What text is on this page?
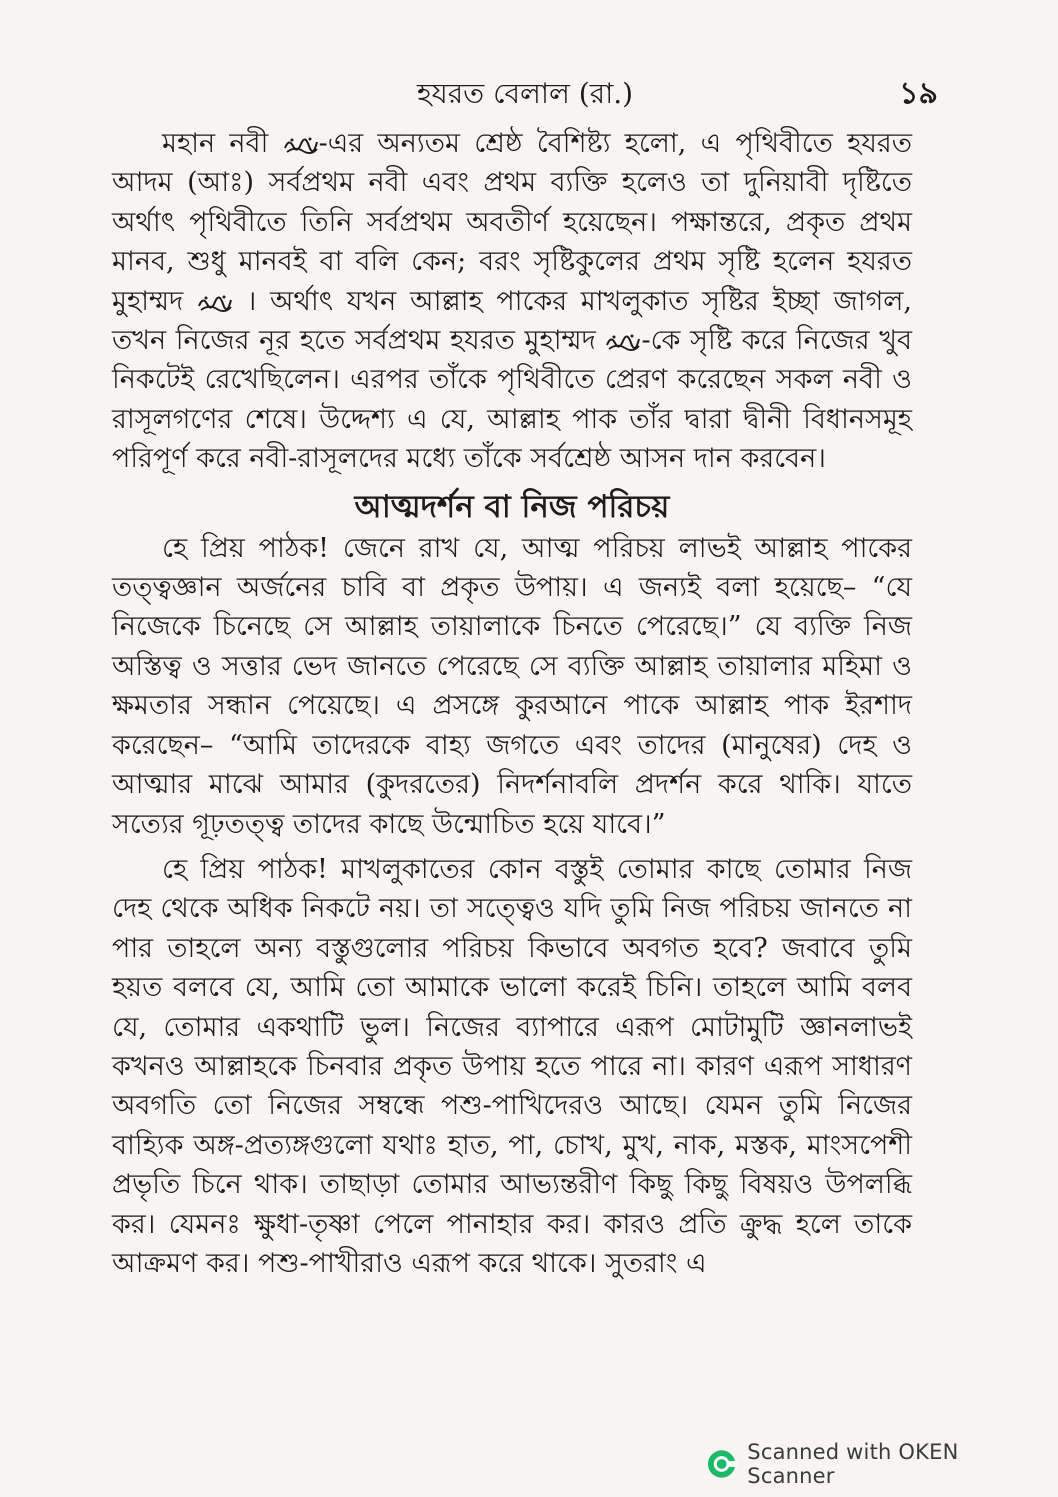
হযরত বেলাল (রা.)	১৯

মহান নবী -এর অন্যতম শ্রেষ্ঠ বৈশিষ্ট্য হলো, এ পৃথিবীতে হযরত আদম (আঃ) সর্বপ্রথম নবী এবং প্রথম ব্যক্তি হলেও তা দুনিয়াবী দৃষ্টিতে অর্থাৎ পৃথিবীতে তিনি সর্বপ্রথম অবতীর্ণ হয়েছেন। পক্ষান্তরে, প্রকৃত প্রথম মানব, শুধু মানবই বা বলি কেন; বরং সৃষ্টিকুলের প্রথম সৃষ্টি হলেন হযরত মুহাম্মদ । অর্থাৎ যখন আল্লাহ পাকের মাখলুকাত সৃষ্টির ইচ্ছা জাগল, তখন নিজের নূর হতে সর্বপ্রথম হযরত মুহাম্মদ -কে সৃষ্টি করে নিজের খুব নিকটেই রেখেছিলেন। এরপর তাঁকে পৃথিবীতে প্রেরণ করেছেন সকল নবী ও রাসূলগণের শেষে। উদ্দেশ্য এ যে, আল্লাহ পাক তাঁর দ্বারা দ্বীনী বিধানসমূহ পরিপূর্ণ করে নবী-রাসূলদের মধ্যে তাঁকে সর্বশ্রেষ্ঠ আসন দান করবেন।

আত্মদর্শন বা নিজ পরিচয়

হে প্রিয় পাঠক! জেনে রাখ যে, আত্ম পরিচয় লাভই আল্লাহ পাকের তত্ত্বজ্ঞান অর্জনের চাবি বা প্রকৃত উপায়। এ জন্যই বলা হয়েছে– “যে নিজেকে চিনেছে সে আল্লাহ তায়ালাকে চিনতে পেরেছে।” যে ব্যক্তি নিজ অস্তিত্ব ও সত্তার ভেদ জানতে পেরেছে সে ব্যক্তি আল্লাহ তায়ালার মহিমা ও ক্ষমতার সন্ধান পেয়েছে। এ প্রসঙ্গে কুরআনে পাকে আল্লাহ পাক ইরশাদ করেছেন– “আমি তাদেরকে বাহ্য জগতে এবং তাদের (মানুষের) দেহ ও আত্মার মাঝে আমার (কুদরতের) নিদর্শনাবলি প্রদর্শন করে থাকি। যাতে সত্যের গূঢ়তত্ত্ব তাদের কাছে উন্মোচিত হয়ে যাবে।”

হে প্রিয় পাঠক! মাখলুকাতের কোন বস্তুই তোমার কাছে তোমার নিজ দেহ থেকে অধিক নিকটে নয়। তা সত্ত্বেও যদি তুমি নিজ পরিচয় জানতে না পার তাহলে অন্য বস্তুগুলোর পরিচয় কিভাবে অবগত হবে? জবাবে তুমি হয়ত বলবে যে, আমি তো আমাকে ভালো করেই চিনি। তাহলে আমি বলব যে, তোমার একথাটি ভুল। নিজের ব্যাপারে এরূপ মোটামুটি জ্ঞানলাভই কখনও আল্লাহকে চিনবার প্রকৃত উপায় হতে পারে না। কারণ এরূপ সাধারণ অবগতি তো নিজের সম্বন্ধে পশু-পাখিদেরও আছে। যেমন তুমি নিজের বাহ্যিক অঙ্গ-প্রত্যঙ্গগুলো যথাঃ হাত, পা, চোখ, মুখ, নাক, মস্তক, মাংসপেশী প্রভৃতি চিনে থাক। তাছাড়া তোমার আভ্যন্তরীণ কিছু কিছু বিষয়ও উপলব্ধি কর। যেমনঃ ক্ষুধা-তৃষ্ণা পেলে পানাহার কর। কারও প্রতি ক্রুদ্ধ হলে তাকে আক্রমণ কর। পশু-পাখীরাও এরূপ করে থাকে। সুতরাং এ

Scanned with OKEN Scanner
